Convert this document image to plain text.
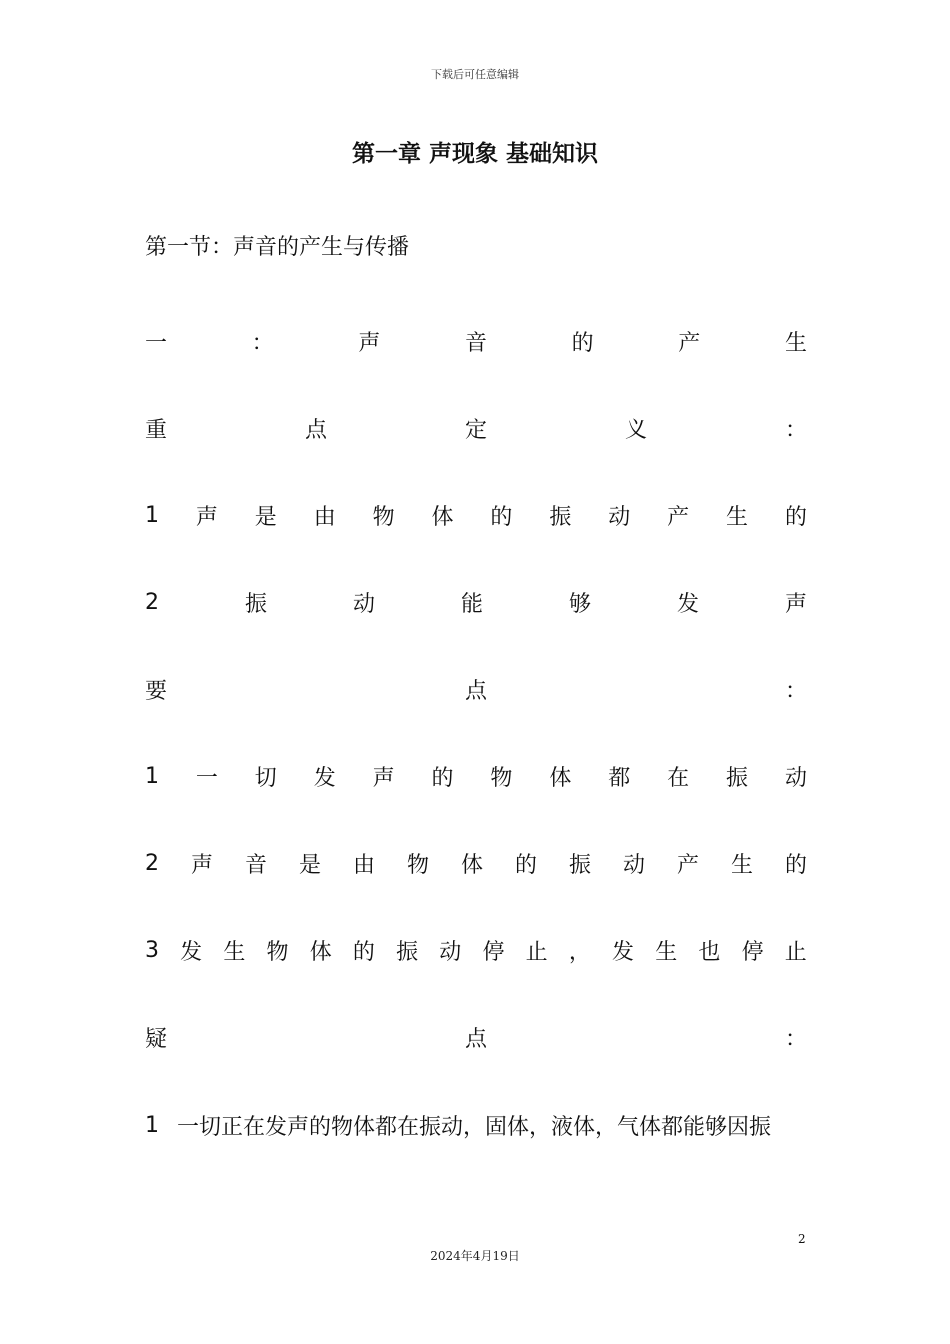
下载后可任意编辑
第一章 声现象 基础知识
第一节：声音的产生与传播
一	：	声	音	的	产	生
重	点	定	义	：
1 声 是 由 物 体 的 振 动 产 生 的
2	振	动	能	够	发	声
要	点	：
1 一 切 发 声 的 物 体 都 在 振 动
2 声 音 是 由 物 体 的 振 动 产 生 的
3 发 生 物 体 的 振 动 停 止 ， 发 生 也 停 止
疑	点	：
1 一切正在发声的物体都在振动，固体，液体，气体都能够因振
2
2024年4月19日
